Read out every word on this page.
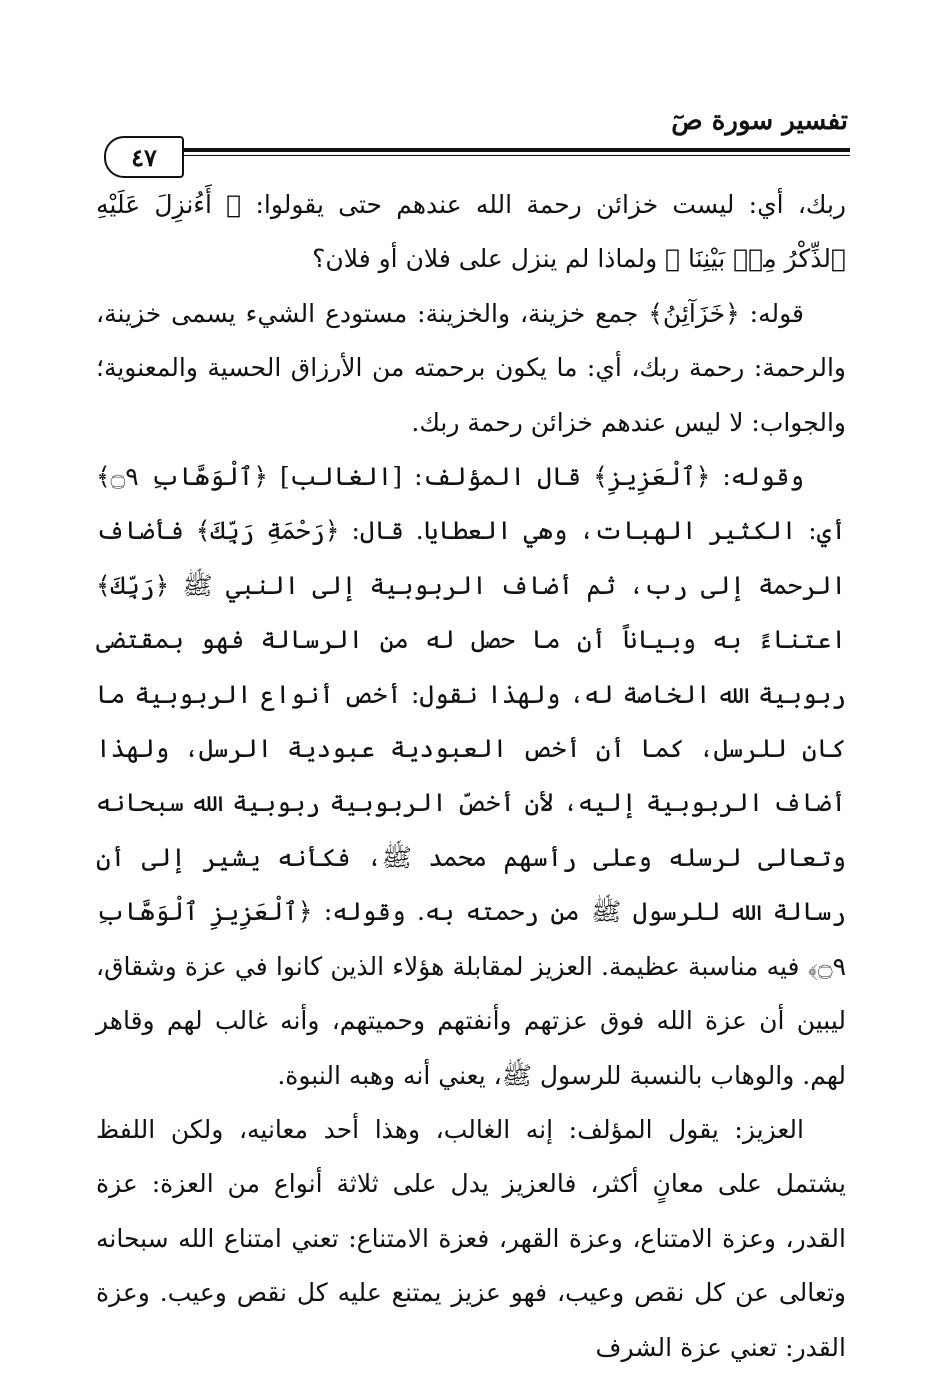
تفسير سورة صٓ
٤٧

ربك، أي: ليست خزائن رحمة الله عندهم حتى يقولوا: ﴿ أَءُنزِلَ عَلَيْهِ ٱلذِّكْرُ مِنۢ بَيْنِنَا ﴾ ولماذا لم ينزل على فلان أو فلان؟

قوله: ﴿خَزَآئِنُ﴾ جمع خزينة، والخزينة: مستودع الشيء يسمى خزينة، والرحمة: رحمة ربك، أي: ما يكون برحمته من الأرزاق الحسية والمعنوية؛ والجواب: لا ليس عندهم خزائن رحمة ربك.

وقوله: ﴿ٱلْعَزِيزِ﴾ قال المؤلف: [الغالب] ﴿ٱلْوَهَّابِ ۝٩﴾ أي: الكثير الهبات، وهي العطايا. قال: ﴿رَحْمَةِ رَبِّكَ﴾ فأضاف الرحمة إلى رب، ثم أضاف الربوبية إلى النبي ﷺ ﴿رَبِّكَ﴾ اعتناءً به وبياناً أن ما حصل له من الرسالة فهو بمقتضى ربوبية الله الخاصة له، ولهذا نقول: أخص أنواع الربوبية ما كان للرسل، كما أن أخص العبودية عبودية الرسل، ولهذا أضاف الربوبية إليه، لأن أخصّ الربوبية ربوبية الله سبحانه وتعالى لرسله وعلى رأسهم محمد ﷺ، فكأنه يشير إلى أن رسالة الله للرسول ﷺ من رحمته به. وقوله: ﴿ٱلْعَزِيزِ ٱلْوَهَّابِ ۝٩﴾ فيه مناسبة عظيمة. العزيز لمقابلة هؤلاء الذين كانوا في عزة وشقاق، ليبين أن عزة الله فوق عزتهم وأنفتهم وحميتهم، وأنه غالب لهم وقاهر لهم. والوهاب بالنسبة للرسول ﷺ، يعني أنه وهبه النبوة.

العزيز: يقول المؤلف: إنه الغالب، وهذا أحد معانيه، ولكن اللفظ يشتمل على معانٍ أكثر، فالعزيز يدل على ثلاثة أنواع من العزة: عزة القدر، وعزة الامتناع، وعزة القهر، فعزة الامتناع: تعني امتناع الله سبحانه وتعالى عن كل نقص وعيب، فهو عزيز يمتنع عليه كل نقص وعيب. وعزة القدر: تعني عزة الشرف
